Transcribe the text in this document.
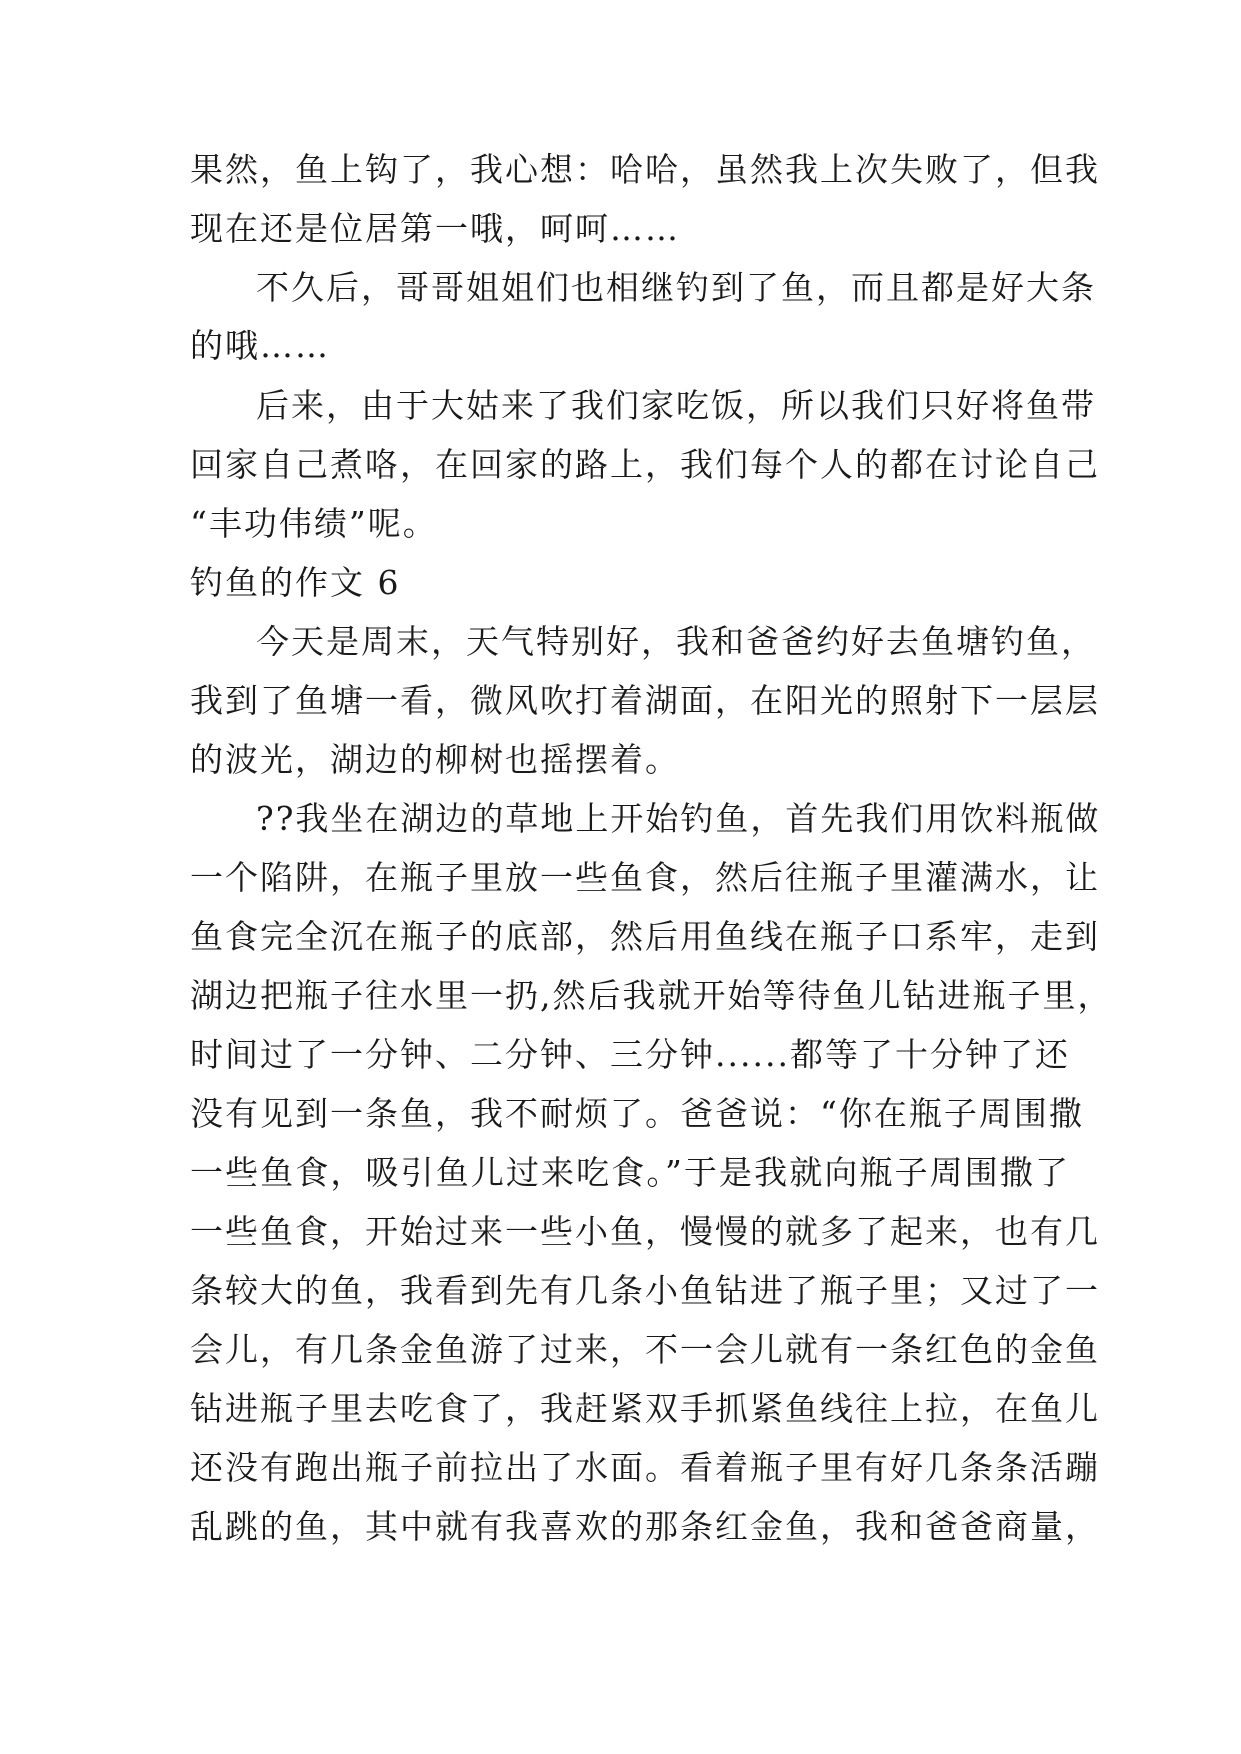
果然，鱼上钩了，我心想：哈哈，虽然我上次失败了，但我
现在还是位居第一哦，呵呵……
不久后，哥哥姐姐们也相继钓到了鱼，而且都是好大条
的哦……
后来，由于大姑来了我们家吃饭，所以我们只好将鱼带
回家自己煮咯，在回家的路上，我们每个人的都在讨论自己
“丰功伟绩”呢。
钓鱼的作文 6
今天是周末，天气特别好，我和爸爸约好去鱼塘钓鱼，
我到了鱼塘一看，微风吹打着湖面，在阳光的照射下一层层
的波光，湖边的柳树也摇摆着。
??我坐在湖边的草地上开始钓鱼，首先我们用饮料瓶做
一个陷阱，在瓶子里放一些鱼食，然后往瓶子里灌满水，让
鱼食完全沉在瓶子的底部，然后用鱼线在瓶子口系牢，走到
湖边把瓶子往水里一扔,然后我就开始等待鱼儿钻进瓶子里，
时间过了一分钟、二分钟、三分钟......都等了十分钟了还
没有见到一条鱼，我不耐烦了。爸爸说：“你在瓶子周围撒
一些鱼食，吸引鱼儿过来吃食。”于是我就向瓶子周围撒了
一些鱼食，开始过来一些小鱼，慢慢的就多了起来，也有几
条较大的鱼，我看到先有几条小鱼钻进了瓶子里；又过了一
会儿，有几条金鱼游了过来，不一会儿就有一条红色的金鱼
钻进瓶子里去吃食了，我赶紧双手抓紧鱼线往上拉，在鱼儿
还没有跑出瓶子前拉出了水面。看着瓶子里有好几条条活蹦
乱跳的鱼，其中就有我喜欢的那条红金鱼，我和爸爸商量，
